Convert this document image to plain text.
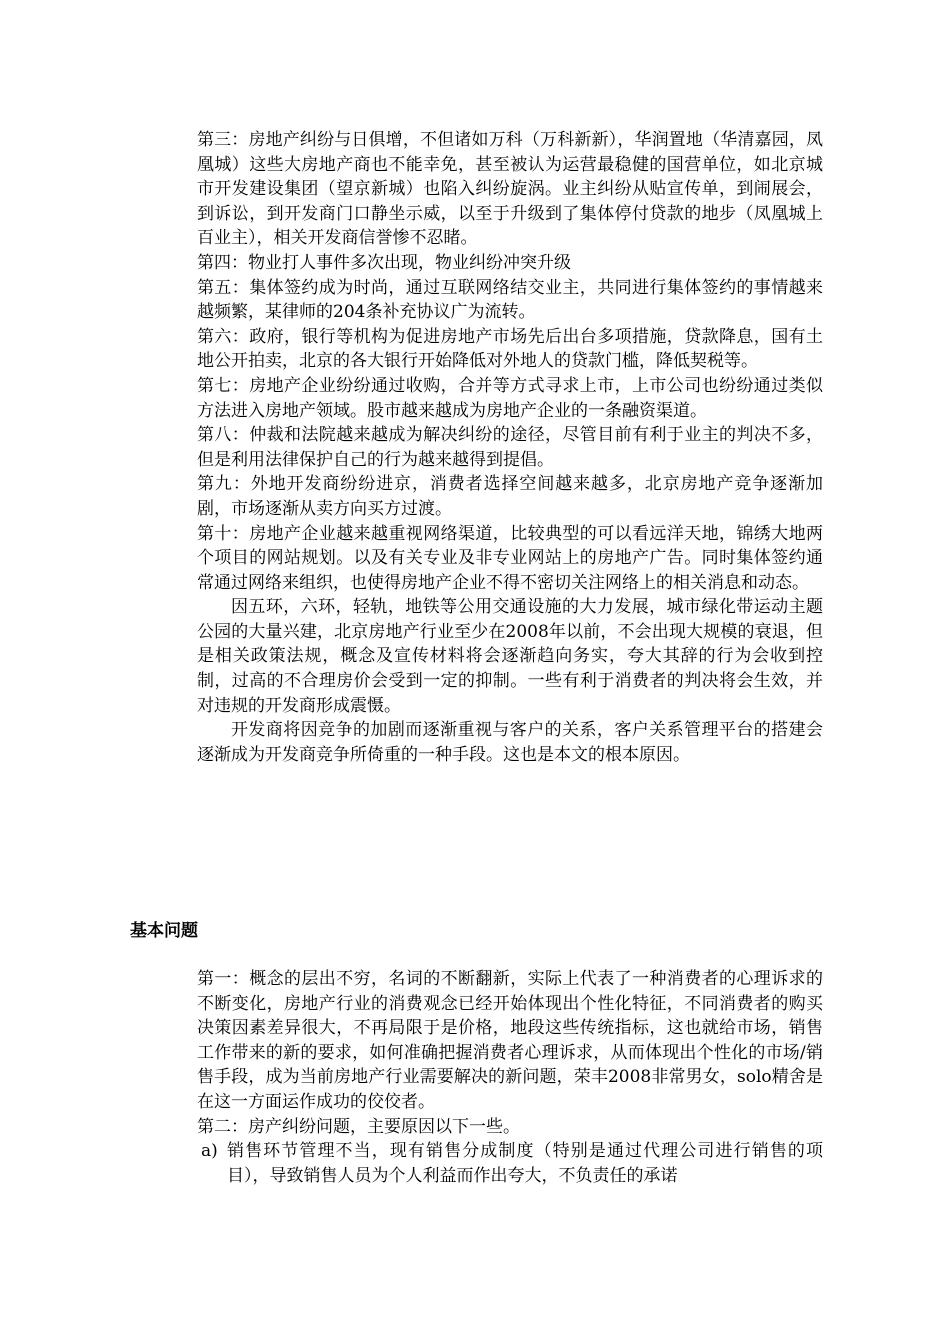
第三：房地产纠纷与日俱增，不但诸如万科（万科新新），华润置地（华清嘉园，凤凰城）这些大房地产商也不能幸免，甚至被认为运营最稳健的国营单位，如北京城市开发建设集团（望京新城）也陷入纠纷旋涡。业主纠纷从贴宣传单，到闹展会，到诉讼，到开发商门口静坐示威，以至于升级到了集体停付贷款的地步（凤凰城上百业主），相关开发商信誉惨不忍睹。

第四：物业打人事件多次出现，物业纠纷冲突升级

第五：集体签约成为时尚，通过互联网络结交业主，共同进行集体签约的事情越来越频繁，某律师的204条补充协议广为流转。

第六：政府，银行等机构为促进房地产市场先后出台多项措施，贷款降息，国有土地公开拍卖，北京的各大银行开始降低对外地人的贷款门槛，降低契税等。

第七：房地产企业纷纷通过收购，合并等方式寻求上市，上市公司也纷纷通过类似方法进入房地产领域。股市越来越成为房地产企业的一条融资渠道。

第八：仲裁和法院越来越成为解决纠纷的途径，尽管目前有利于业主的判决不多，但是利用法律保护自己的行为越来越得到提倡。

第九：外地开发商纷纷进京，消费者选择空间越来越多，北京房地产竞争逐渐加剧，市场逐渐从卖方向买方过渡。

第十：房地产企业越来越重视网络渠道，比较典型的可以看远洋天地，锦绣大地两个项目的网站规划。以及有关专业及非专业网站上的房地产广告。同时集体签约通常通过网络来组织，也使得房地产企业不得不密切关注网络上的相关消息和动态。

因五环，六环，轻轨，地铁等公用交通设施的大力发展，城市绿化带运动主题公园的大量兴建，北京房地产行业至少在2008年以前，不会出现大规模的衰退，但是相关政策法规，概念及宣传材料将会逐渐趋向务实，夸大其辞的行为会收到控制，过高的不合理房价会受到一定的抑制。一些有利于消费者的判决将会生效，并对违规的开发商形成震慑。

开发商将因竞争的加剧而逐渐重视与客户的关系，客户关系管理平台的搭建会逐渐成为开发商竞争所倚重的一种手段。这也是本文的根本原因。

基本问题

第一：概念的层出不穷，名词的不断翻新，实际上代表了一种消费者的心理诉求的不断变化，房地产行业的消费观念已经开始体现出个性化特征，不同消费者的购买决策因素差异很大，不再局限于是价格，地段这些传统指标，这也就给市场，销售工作带来的新的要求，如何准确把握消费者心理诉求，从而体现出个性化的市场/销售手段，成为当前房地产行业需要解决的新问题，荣丰2008非常男女，solo精舍是在这一方面运作成功的佼佼者。

第二：房产纠纷问题，主要原因以下一些。

a) 销售环节管理不当，现有销售分成制度（特别是通过代理公司进行销售的项目），导致销售人员为个人利益而作出夸大，不负责任的承诺
